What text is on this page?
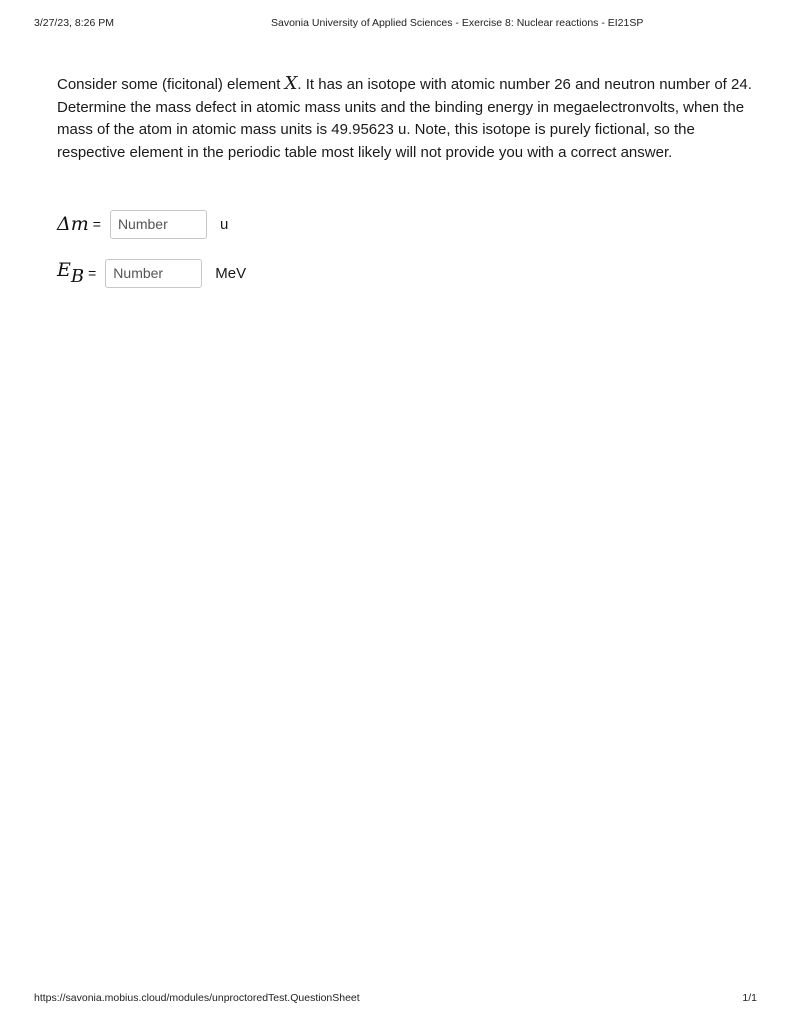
3/27/23, 8:26 PM	Savonia University of Applied Sciences - Exercise 8: Nuclear reactions - EI21SP
Consider some (ficitonal) element X. It has an isotope with atomic number 26 and neutron number of 24. Determine the mass defect in atomic mass units and the binding energy in megaelectronvolts, when the mass of the atom in atomic mass units is 49.95623 u. Note, this isotope is purely fictional, so the respective element in the periodic table most likely will not provide you with a correct answer.
Δm =
Number	u
$E_B$ =
Number	MeV
https://savonia.mobius.cloud/modules/unproctoredTest.QuestionSheet	1/1
